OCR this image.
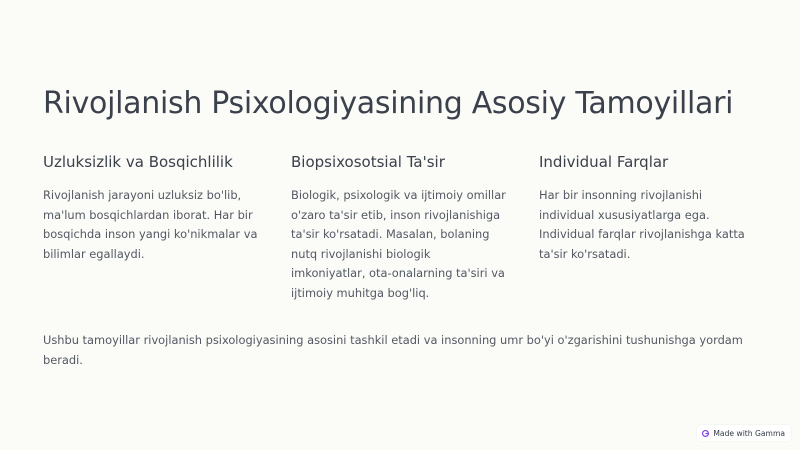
Rivojlanish Psixologiyasining Asosiy Tamoyillari
Uzluksizlik va Bosqichlilik

Rivojlanish jarayoni uzluksiz bo'lib, ma'lum bosqichlardan iborat. Har bir bosqichda inson yangi ko'nikmalar va bilimlar egallaydi.

Biopsixosotsial Ta'sir

Biologik, psixologik va ijtimoiy omillar o'zaro ta'sir etib, inson rivojlanishiga ta'sir ko'rsatadi. Masalan, bolaning nutq rivojlanishi biologik imkoniyatlar, ota-onalarning ta'siri va ijtimoiy muhitga bog'liq.

Individual Farqlar

Har bir insonning rivojlanishi individual xususiyatlarga ega. Individual farqlar rivojlanishga katta ta'sir ko'rsatadi.

Ushbu tamoyillar rivojlanish psixologiyasining asosini tashkil etadi va insonning umr bo'yi o'zgarishini tushunishga yordam beradi.

Made with Gamma
